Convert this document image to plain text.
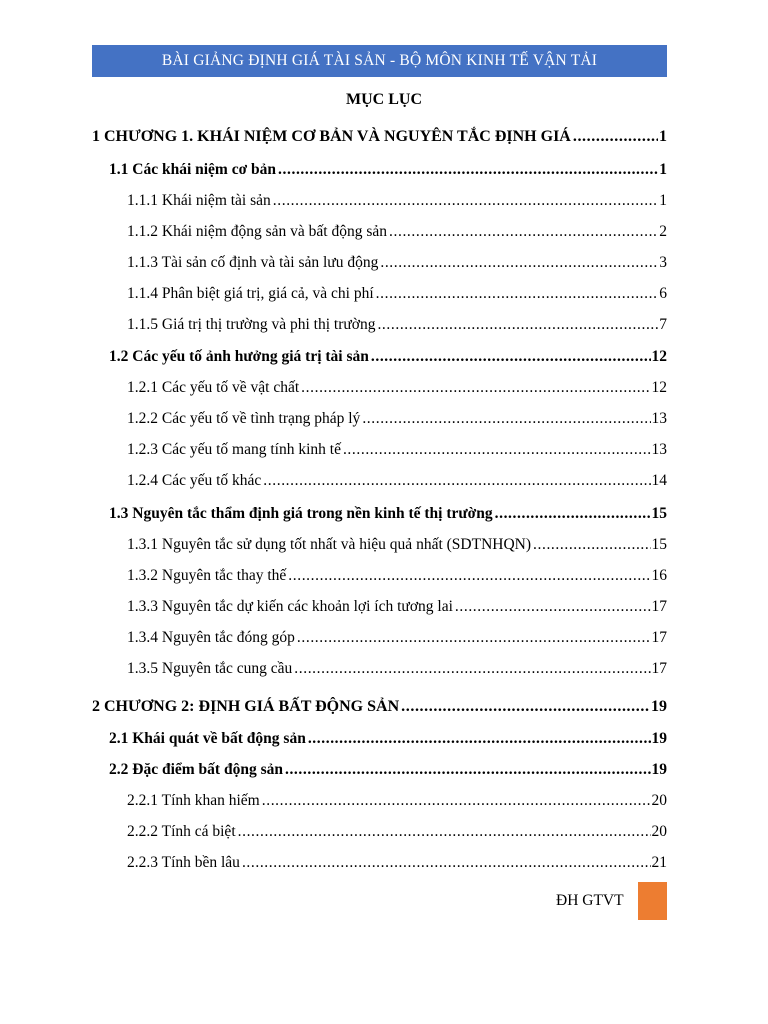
BÀI GIẢNG ĐỊNH GIÁ TÀI SẢN - BỘ MÔN KINH TẾ VẬN TẢI
MỤC LỤC
1 CHƯƠNG 1. KHÁI NIỆM CƠ BẢN VÀ NGUYÊN TẮC ĐỊNH GIÁ .....	1
1.1 Các khái niệm cơ bản .....	1
1.1.1 Khái niệm tài sản .....	1
1.1.2 Khái niệm động sản và bất động sản .....	2
1.1.3 Tài sản cố định và tài sản lưu động .....	3
1.1.4 Phân biệt giá trị, giá cả, và chi phí .....	6
1.1.5 Giá trị thị trường và phi thị trường .....	7
1.2 Các yếu tố ảnh hưởng giá trị tài sản .....	12
1.2.1 Các yếu tố về vật chất .....	12
1.2.2 Các yếu tố về tình trạng pháp lý .....	13
1.2.3 Các yếu tố mang tính kinh tế .....	13
1.2.4 Các yếu tố khác .....	14
1.3 Nguyên tắc thẩm định giá trong nền kinh tế thị trường .....	15
1.3.1 Nguyên tắc sử dụng tốt nhất và hiệu quả nhất (SDTNHQN) .....	15
1.3.2 Nguyên tắc thay thế .....	16
1.3.3 Nguyên tắc dự kiến các khoản lợi ích tương lai .....	17
1.3.4 Nguyên tắc đóng góp .....	17
1.3.5 Nguyên tắc cung cầu .....	17
2 CHƯƠNG 2: ĐỊNH GIÁ BẤT ĐỘNG SẢN .....	19
2.1 Khái quát về bất động sản .....	19
2.2 Đặc điểm bất động sản .....	19
2.2.1 Tính khan hiếm .....	20
2.2.2 Tính cá biệt .....	20
2.2.3 Tính bền lâu .....	21
ĐH GTVT
